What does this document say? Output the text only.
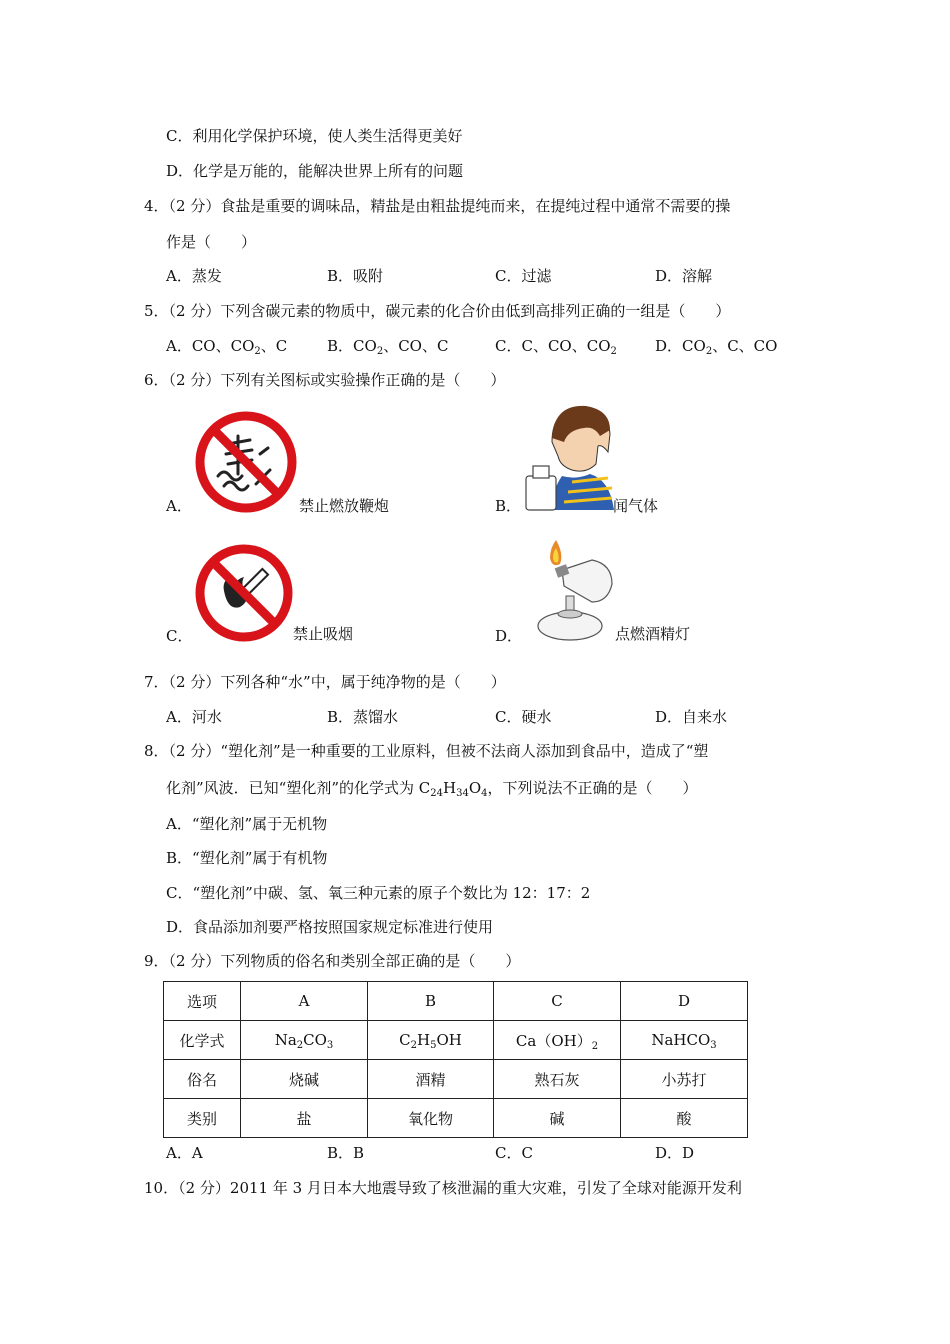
C．利用化学保护环境，使人类生活得更美好
D．化学是万能的，能解决世界上所有的问题
4．（2 分）食盐是重要的调味品，精盐是由粗盐提纯而来，在提纯过程中通常不需要的操
作是（　　）
A．蒸发	B．吸附	C．过滤	D．溶解
5．（2 分）下列含碳元素的物质中，碳元素的化合价由低到高排列正确的一组是（　　）
A．CO、$CO_2$、C	B．$CO_2$、CO、C	C．C、CO、$CO_2$	D．$CO_2$、C、CO
6．（2 分）下列有关图标或实验操作正确的是（　　）
A．	禁止燃放鞭炮	B．	闻气体
C．	禁止吸烟	D．	点燃酒精灯
7．（2 分）下列各种“水”中，属于纯净物的是（　　）
A．河水	B．蒸馏水	C．硬水	D．自来水
8．（2 分）“塑化剂”是一种重要的工业原料，但被不法商人添加到食品中，造成了“塑
化剂”风波．已知“塑化剂”的化学式为 $C_{24}H_{34}O_4$，下列说法不正确的是（　　）
A．“塑化剂”属于无机物
B．“塑化剂”属于有机物
C．“塑化剂”中碳、氢、氧三种元素的原子个数比为 12：17：2
D．食品添加剂要严格按照国家规定标准进行使用
9．（2 分）下列物质的俗名和类别全部正确的是（　　）
选项	A	B	C	D
化学式	$Na_2CO_3$	$C_2H_5OH$	$Ca(OH)_2$	NaHCO$_3$
俗名	烧碱	酒精	熟石灰	小苏打
类别	盐	氧化物	碱	酸
A．A	B．B	C．C	D．D
10．（2 分）2011 年 3 月日本大地震导致了核泄漏的重大灾难，引发了全球对能源开发利
